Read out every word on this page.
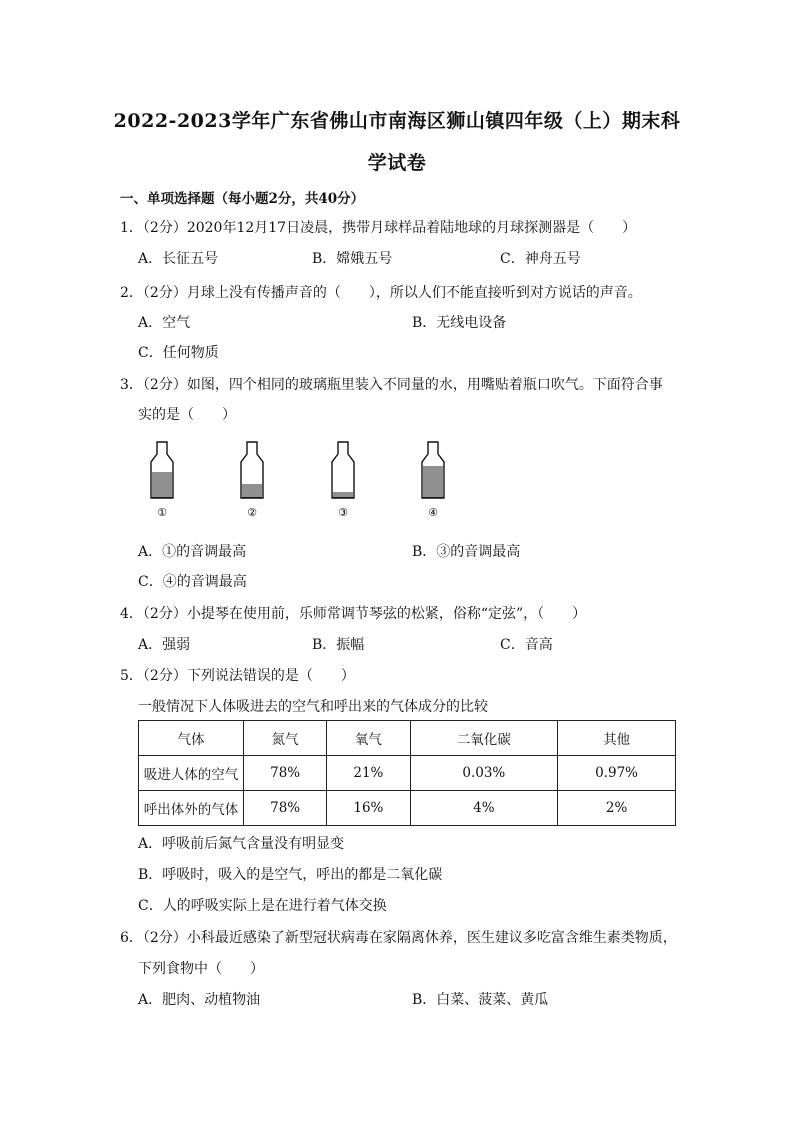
2022-2023学年广东省佛山市南海区狮山镇四年级（上）期末科
学试卷
一、单项选择题（每小题2分，共40分）
1．（2分）2020年12月17日凌晨，携带月球样品着陆地球的月球探测器是（　　）
A．长征五号	B．嫦娥五号	C．神舟五号
2．（2分）月球上没有传播声音的（　　），所以人们不能直接听到对方说话的声音。
A．空气	B．无线电设备
C．任何物质
3．（2分）如图，四个相同的玻璃瓶里装入不同量的水，用嘴贴着瓶口吹气。下面符合事
实的是（　　）
①	②	③	④
A．①的音调最高	B．③的音调最高
C．④的音调最高
4．（2分）小提琴在使用前，乐师常调节琴弦的松紧，俗称“定弦”，（　　）
A．强弱	B．振幅	C．音高
5．（2分）下列说法错误的是（　　）
一般情况下人体吸进去的空气和呼出来的气体成分的比较
气体	氮气	氧气	二氧化碳	其他
吸进人体的空气	78%	21%	0.03%	0.97%
呼出体外的气体	78%	16%	4%	2%
A．呼吸前后氮气含量没有明显变
B．呼吸时，吸入的是空气，呼出的都是二氧化碳
C．人的呼吸实际上是在进行着气体交换
6．（2分）小科最近感染了新型冠状病毒在家隔离休养，医生建议多吃富含维生素类物质，
下列食物中（　　）
A．肥肉、动植物油	B．白菜、菠菜、黄瓜
